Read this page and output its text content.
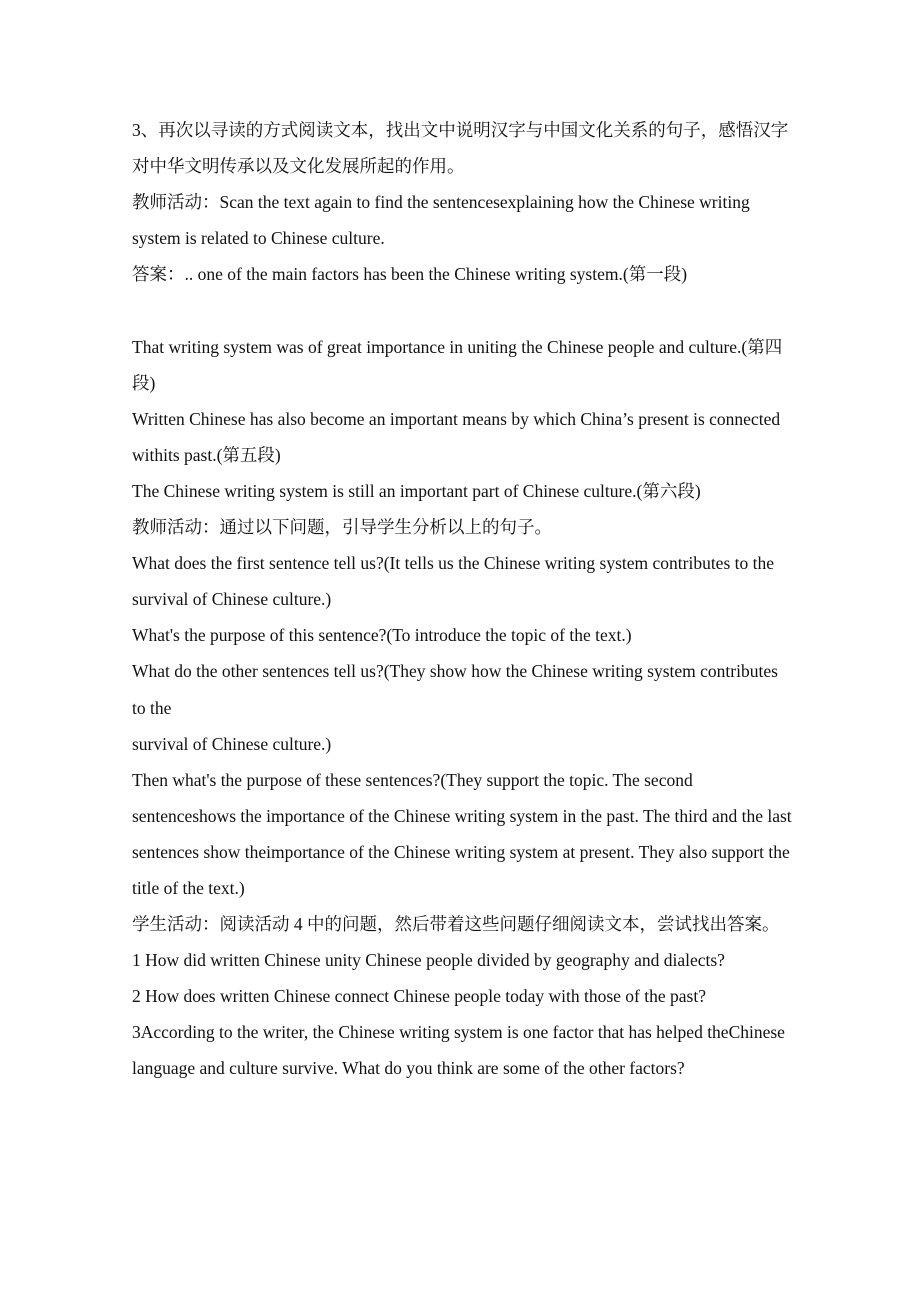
3、再次以寻读的方式阅读文本，找出文中说明汉字与中国文化关系的句子，感悟汉字对中华文明传承以及文化发展所起的作用。

教师活动：Scan the text again to find the sentencesexplaining how the Chinese writing system is related to Chinese culture.

答案：.. one of the main factors has been the Chinese writing system.(第一段)

That writing system was of great importance in uniting the Chinese people and culture.(第四段)

Written Chinese has also become an important means by which China’s present is connected withits past.(第五段)

The Chinese writing system is still an important part of Chinese culture.(第六段)

教师活动：通过以下问题，引导学生分析以上的句子。

What does the first sentence tell us?(It tells us the Chinese writing system contributes to the survival of Chinese culture.)

What's the purpose of this sentence?(To introduce the topic of the text.)

What do the other sentences tell us?(They show how the Chinese writing system contributes to the

survival of Chinese culture.)

Then what's the purpose of these sentences?(They support the topic. The second sentenceshows the importance of the Chinese writing system in the past. The third and the last sentences show theimportance of the Chinese writing system at present. They also support the title of the text.)

学生活动：阅读活动 4 中的问题，然后带着这些问题仔细阅读文本，尝试找出答案。

1 How did written Chinese unity Chinese people divided by geography and dialects?

2 How does written Chinese connect Chinese people today with those of the past?

3According to the writer, the Chinese writing system is one factor that has helped theChinese language and culture survive. What do you think are some of the other factors?
